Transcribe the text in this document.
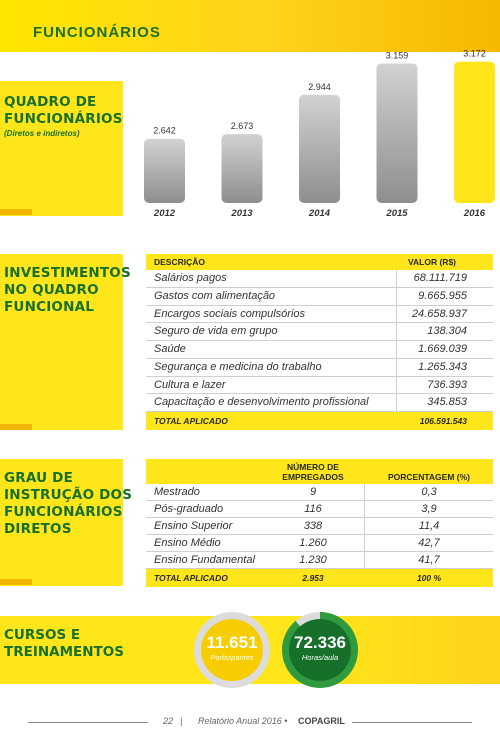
FUNCIONÁRIOS
QUADRO DE
FUNCIONÁRIOS
(Diretos e indiretos)	2.642
2012
2.673
2013
2.944
2014
3.159
2015
3.172
2016
INVESTIMENTOS
NO QUADRO
FUNCIONAL
DESCRIÇÃO	VALOR (R$)
Salários pagos	68.111.719
Gastos com alimentação	9.665.955
Encargos sociais compulsórios	24.658.937
Seguro de vida em grupo	138.304
Saúde	1.669.039
Segurança e medicina do trabalho	1.265.343
Cultura e lazer	736.393
Capacitação e desenvolvimento profissional	345.853
TOTAL APLICADO	106.591.543
GRAU DE
INSTRUÇÃO DOS
FUNCIONÁRIOS
DIRETOS
NÚMERO DE
EMPREGADOS	PORCENTAGEM (%)
Mestrado	9	0,3
Pós-graduado	116	3,9
Ensino Superior	338	11,4
Ensino Médio	1.260	42,7
Ensino Fundamental	1.230	41,7
TOTAL APLICADO	2.953	100 %
CURSOS E
TREINAMENTOS	11.651
Participantes
72.336
Horas/aula
22 | Relatório Anual 2016 • COPAGRIL
